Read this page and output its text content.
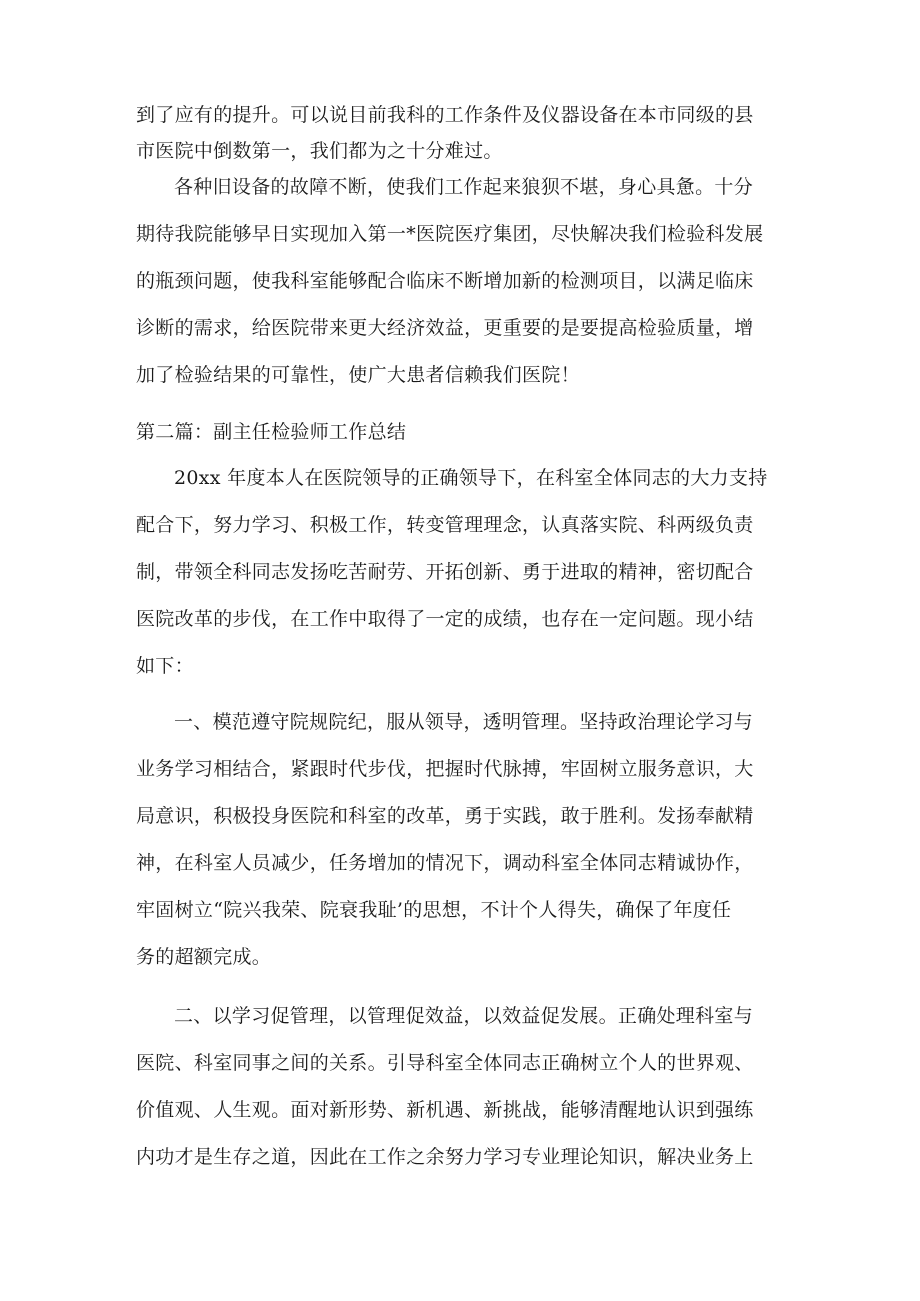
到了应有的提升。可以说目前我科的工作条件及仪器设备在本市同级的县
市医院中倒数第一，我们都为之十分难过。
各种旧设备的故障不断，使我们工作起来狼狈不堪，身心具惫。十分
期待我院能够早日实现加入第一*医院医疗集团，尽快解决我们检验科发展
的瓶颈问题，使我科室能够配合临床不断增加新的检测项目，以满足临床
诊断的需求，给医院带来更大经济效益，更重要的是要提高检验质量，增
加了检验结果的可靠性，使广大患者信赖我们医院！
第二篇：副主任检验师工作总结
20xx 年度本人在医院领导的正确领导下，在科室全体同志的大力支持
配合下，努力学习、积极工作，转变管理理念，认真落实院、科两级负责
制，带领全科同志发扬吃苦耐劳、开拓创新、勇于进取的精神，密切配合
医院改革的步伐，在工作中取得了一定的成绩，也存在一定问题。现小结
如下：
一、模范遵守院规院纪，服从领导，透明管理。坚持政治理论学习与
业务学习相结合，紧跟时代步伐，把握时代脉搏，牢固树立服务意识，大
局意识，积极投身医院和科室的改革，勇于实践，敢于胜利。发扬奉献精
神，在科室人员减少，任务增加的情况下，调动科室全体同志精诚协作，
牢固树立“院兴我荣、院衰我耻’的思想，不计个人得失，确保了年度任
务的超额完成。
二、以学习促管理，以管理促效益，以效益促发展。正确处理科室与
医院、科室同事之间的关系。引导科室全体同志正确树立个人的世界观、
价值观、人生观。面对新形势、新机遇、新挑战，能够清醒地认识到强练
内功才是生存之道，因此在工作之余努力学习专业理论知识，解决业务上
